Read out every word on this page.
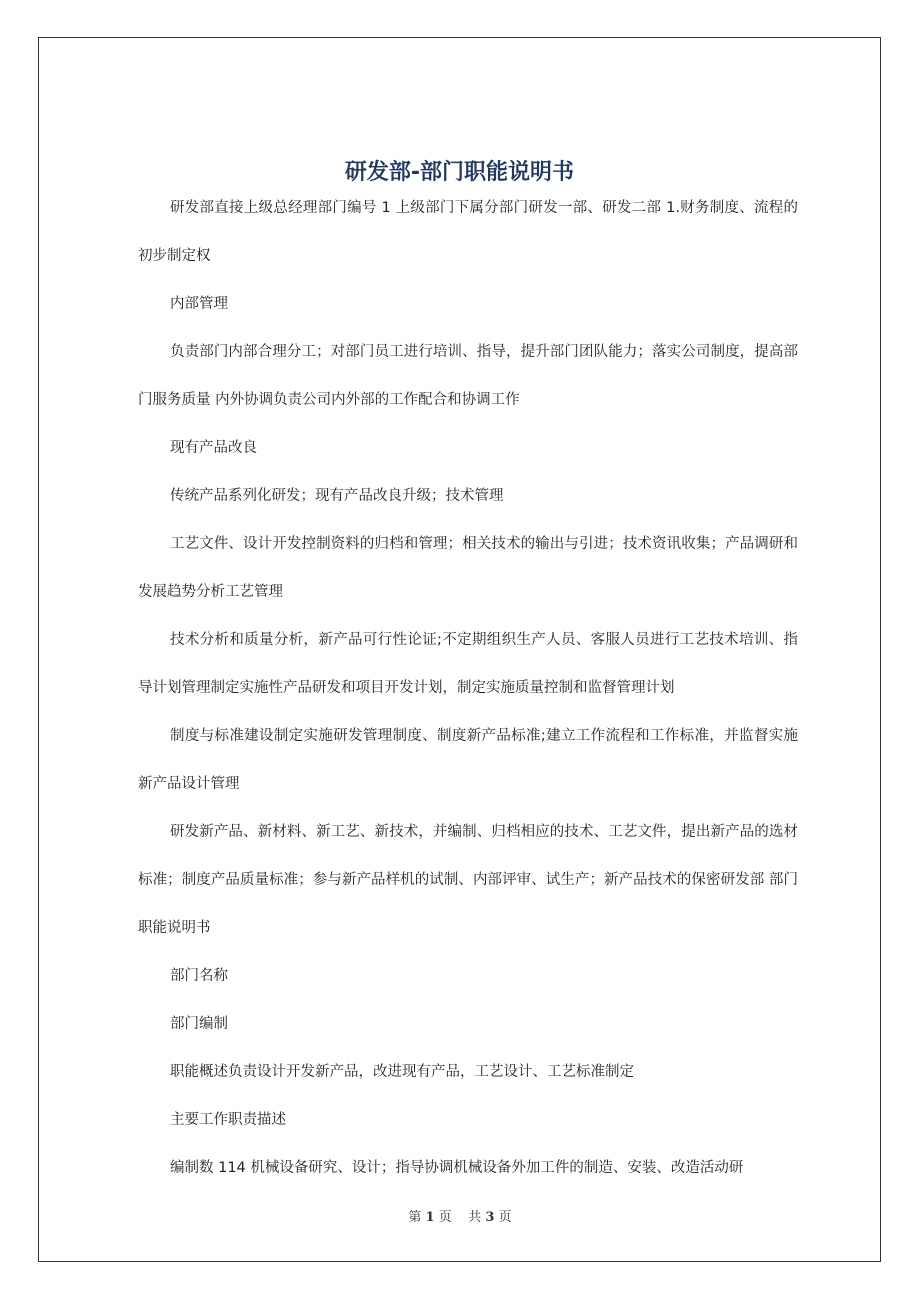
研发部-部门职能说明书

研发部直接上级总经理部门编号 1 上级部门下属分部门研发一部、研发二部 1.财务制度、流程的初步制定权

内部管理

负责部门内部合理分工；对部门员工进行培训、指导，提升部门团队能力；落实公司制度，提高部门服务质量 内外协调负责公司内外部的工作配合和协调工作

现有产品改良

传统产品系列化研发；现有产品改良升级；技术管理

工艺文件、设计开发控制资料的归档和管理；相关技术的输出与引进；技术资讯收集；产品调研和发展趋势分析工艺管理

技术分析和质量分析，新产品可行性论证;不定期组织生产人员、客服人员进行工艺技术培训、指导计划管理制定实施性产品研发和项目开发计划，制定实施质量控制和监督管理计划

制度与标准建设制定实施研发管理制度、制度新产品标准;建立工作流程和工作标准，并监督实施新产品设计管理

研发新产品、新材料、新工艺、新技术，并编制、归档相应的技术、工艺文件，提出新产品的选材标准；制度产品质量标准；参与新产品样机的试制、内部评审、试生产；新产品技术的保密研发部 部门职能说明书

部门名称

部门编制

职能概述负责设计开发新产品，改进现有产品，工艺设计、工艺标准制定

主要工作职责描述

编制数 114 机械设备研究、设计；指导协调机械设备外加工件的制造、安装、改造活动研

第 1 页 共 3 页
